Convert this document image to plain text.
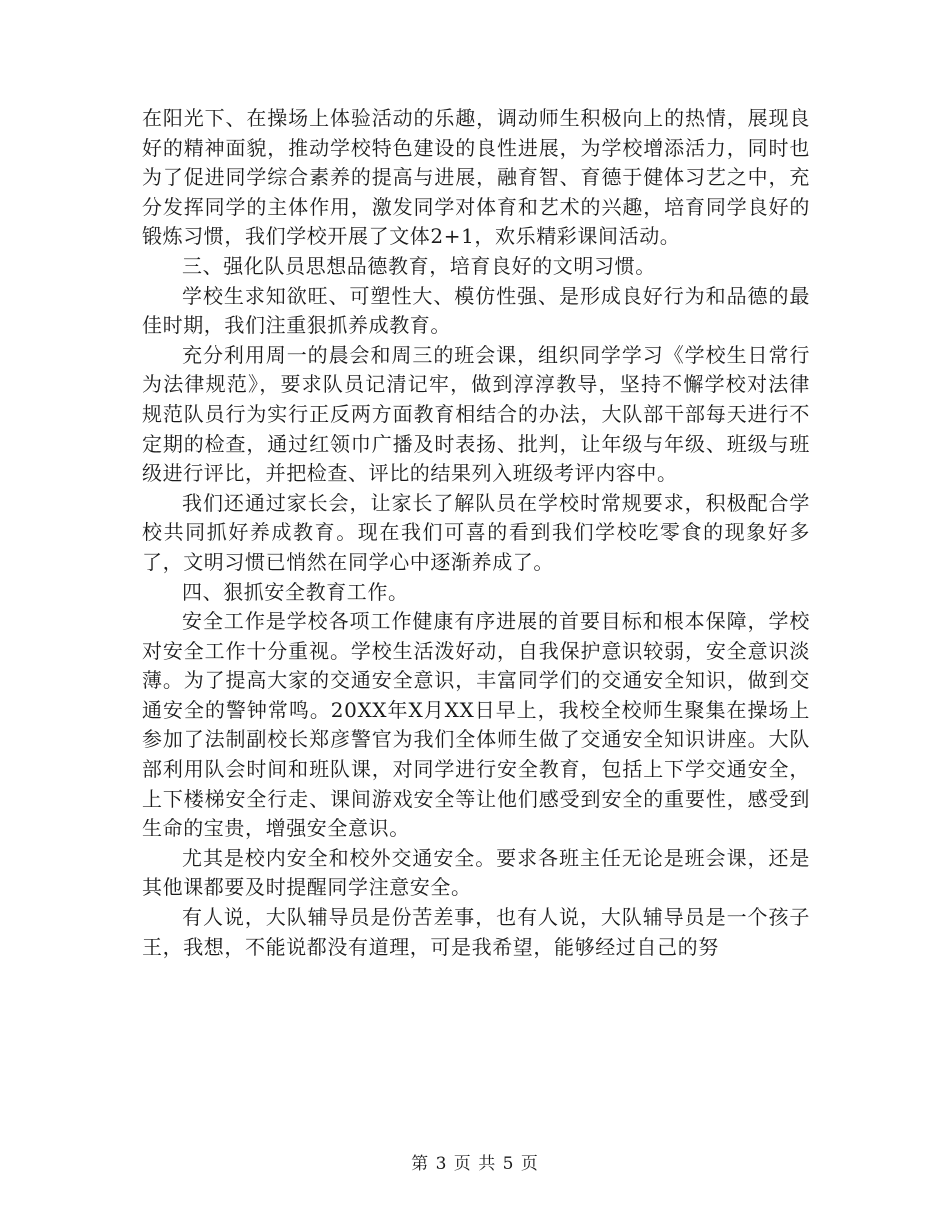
在阳光下、在操场上体验活动的乐趣，调动师生积极向上的热情，展现良好的精神面貌，推动学校特色建设的良性进展，为学校增添活力，同时也为了促进同学综合素养的提高与进展，融育智、育德于健体习艺之中，充分发挥同学的主体作用，激发同学对体育和艺术的兴趣，培育同学良好的锻炼习惯，我们学校开展了文体2+1，欢乐精彩课间活动。

三、强化队员思想品德教育，培育良好的文明习惯。

学校生求知欲旺、可塑性大、模仿性强、是形成良好行为和品德的最佳时期，我们注重狠抓养成教育。

充分利用周一的晨会和周三的班会课，组织同学学习《学校生日常行为法律规范》，要求队员记清记牢，做到淳淳教导，坚持不懈学校对法律规范队员行为实行正反两方面教育相结合的办法，大队部干部每天进行不定期的检查，通过红领巾广播及时表扬、批判，让年级与年级、班级与班级进行评比，并把检查、评比的结果列入班级考评内容中。

我们还通过家长会，让家长了解队员在学校时常规要求，积极配合学校共同抓好养成教育。现在我们可喜的看到我们学校吃零食的现象好多了，文明习惯已悄然在同学心中逐渐养成了。

四、狠抓安全教育工作。

安全工作是学校各项工作健康有序进展的首要目标和根本保障，学校对安全工作十分重视。学校生活泼好动，自我保护意识较弱，安全意识淡薄。为了提高大家的交通安全意识，丰富同学们的交通安全知识，做到交通安全的警钟常鸣。20XX年X月XX日早上，我校全校师生聚集在操场上参加了法制副校长郑彦警官为我们全体师生做了交通安全知识讲座。大队部利用队会时间和班队课，对同学进行安全教育，包括上下学交通安全，上下楼梯安全行走、课间游戏安全等让他们感受到安全的重要性，感受到生命的宝贵，增强安全意识。

尤其是校内安全和校外交通安全。要求各班主任无论是班会课，还是其他课都要及时提醒同学注意安全。

有人说，大队辅导员是份苦差事，也有人说，大队辅导员是一个孩子王，我想，不能说都没有道理，可是我希望，能够经过自己的努

第 3 页 共 5 页
